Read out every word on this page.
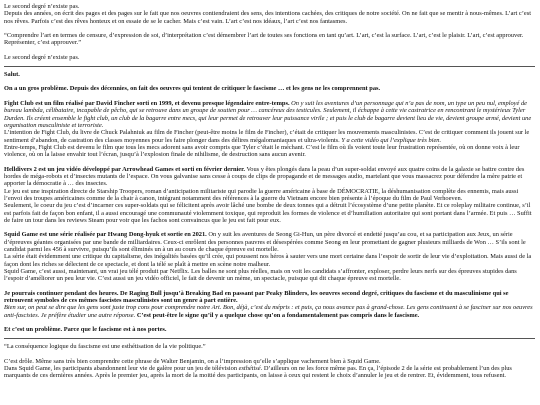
Le second degré n’existe pas.

Depuis des années, on écrit des pages et des pages sur le fait que nos oeuvres contiendraient des sens, des intentions cachées, des critiques de notre société. On ne fait que se mentir à nous-mêmes. L’art c’est nos rêves. Parfois c’est des rêves honteux et on essaie de se le cacher. Mais c’est vain. L’art c’est nos idéaux, l’art c’est nos fantasmes.

“Comprendre l’art en termes de censure, d’expression de soi, d’interprétation c’est démembrer l’art de toutes ses fonctions en tant qu’art. L’art, c’est la surface. L’art, c’est le plaisir. L’art, c’est approuver. Représenter, c’est approuver.”

Le second degré n’existe pas.

Salut.

On a un gros problème. Depuis des décennies, on fait des oeuvres qui tentent de critiquer le fascisme … et les gens ne les comprennent pas.

Fight Club est un film réalisé par David Fincher sorti en 1999, et devenu presque légendaire entre-temps. On y suit les aventures d’un personnage qui n’a pas de nom, un type un peu nul, employé de bureau lambda, célibataire, incapable de pêcho, qui se retrouve dans un groupe de soutien pour … cancéreux des testicules. Seulement, il échappe à cette vie castratrice en rencontrant le mystérieux Tyler Durden. Ils créent ensemble le fight club, un club de la bagarre entre mecs, qui leur permet de retrouver leur puissance virile ; et puis le club de bagarre devient lieu de vie, devient groupe armé, devient une organisation masculiniste et terroriste.

L’intention de Fight Club, du livre de Chuck Palahniuk au film de Fincher (peut-être moins le film de Fincher), c’était de critiquer les mouvements masculinistes. C’est de critiquer comment ils jouent sur le sentiment d’abandon, de castration des classes moyennes pour les faire plonger dans des délires mégalomaniaques et ultra-violents. Y a cette vidéo qui l’explique très bien.

Entre-temps, Fight Club est devenu le film que tous les mecs adorent sans avoir compris que Tyler c’était le méchant. C’est le film où ils voient toute leur frustration représentée, où on donne voix à leur violence, où on la laisse envahir tout l’écran, jusqu’à l’explosion finale de nihilisme, de destruction sans aucun avenir.

Helldivers 2 est un jeu vidéo développé par Arrowhead Games et sorti en février dernier. Vous y êtes plongés dans la peau d’un super-soldat envoyé aux quatre coins de la galaxie se battre contre des hordes de méga-robots et d’insectes mutants de l’espace. On vous galvanise sans cesse à coups de clips de propagande et de messages audio, martelant que vous massacrez pour défendre la mère patrie et apporter la démocratie à … des insectes.

Le jeu est une inspiration directe de Starship Troopers, roman d’anticipation militariste qui parodie la guerre américaine à base de DÉMOCRATIE, la déshumanisation complète des ennemis, mais aussi l’envoi des troupes américaines comme de la chair à canon, intégrant notamment des références à la guerre du Vietnam encore bien présente à l’époque du film de Paul Verhoeven.

Seulement, le coeur du jeu c’est d’incarner ces super-soldats qui se félicitent après avoir lâché une bombe de deux tonnes qui a détruit l’écosystème d’une petite planète. Et ce roleplay militaire continue, s’il est parfois fait de façon bon enfant, il a aussi encouragé une communauté violemment toxique, qui reproduit les formes de violence et d’humiliation autoritaire qui sont portant dans l’armée. Et puis … Suffit de faire un tour dans les reviews Steam pour voir que les fachos sont convaincus que le jeu est fait pour eux.

Squid Game est une série réalisée par Hwang Dong-hyuk et sortie en 2021. On y suit les aventures de Seong Gi-Hun, un père divorcé et endetté jusqu’au cou, et sa participation aux Jeux, un série d’épreuves géantes organisées par une bande de milliardaires. Ceux-ci enrôlent des personnes pauvres et désespérées comme Seong en leur promettant de gagner plusieurs milliards de Won … S’ils sont le candidat parmi les 456 à survivre, puisqu’ils sont éliminés un à un au cours de chaque épreuve est mortelle.

La série était évidemment une critique du capitalisme, des inégalités basées qu’il crée, qui poussent nos héros à sauter vers une mort certaine dans l’espoir de sortir de leur vie d’exploitation. Mais aussi de la façon dont les riches se délectent de ce spectacle, et dont la télé se plaît à mettre en scène notre malheur.

Squid Game, c’est aussi, maintenant, un vrai jeu télé produit par Netflix. Les balles ne sont plus réelles, mais on voit les candidats s’affronter, exploser, perdre leurs nerfs sur des épreuves stupides dans l’espoir d’améliorer un peu leur vie. C’est aussi un jeu vidéo officiel, le fait de devenir un mème, un spectacle, puisque qui dit chaque épreuve est mortelle.

Je pourrais continuer pendant des heures. De Raging Bull jusqu’à Breaking Bad en passant par Peaky Blinders, les oeuvres second degré, critiques du fascisme et du masculinisme qui se retrouvent symboles de ces mêmes fascistes masculinistes sont un genre à part entière.

Bien sur, on peut se dire que les gens sont juste trop cons pour comprendre notre Art. Bon, déjà, c’est du mépris : et puis, ça nous avance pas à grand-chose. Les gens continuent à se fasciner sur nos oeuvres anti-fascistes. Je préfère étudier une autre réponse. C’est peut-être le signe qu’il y a quelque chose qu’on a fondamentalement pas compris dans le fascisme.

Et c’est un problème. Parce que le fascisme est à nos portes.

“La conséquence logique du fascisme est une esthétisation de la vie politique.”

C’est drôle. Même sans très bien comprendre cette phrase de Walter Benjamin, on a l’impression qu’elle s’applique vachement bien à Squid Game.

Dans Squid Game, les participants abandonnent leur vie de galère pour un jeu de télévision esthétisé. D’ailleurs on ne les force même pas. En ça, l’épisode 2 de la série est probablement l’un des plus marquants de ces dernières années. Après le premier jeu, après la mort de la moitié des participants, on laisse à ceux qui restent le choix d’annuler le jeu et de rentrer. Et, évidemment, tous refusent.
